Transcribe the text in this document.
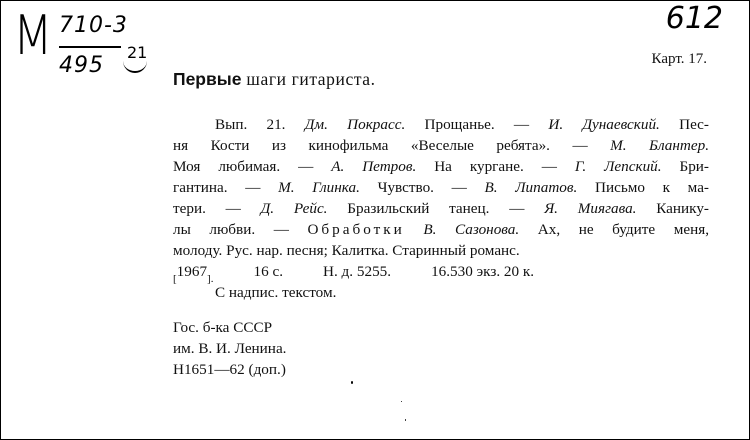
М 710-3
495
21
612
Карт. 17.
Первые шаги гитариста.
Вып. 21. Дм. Покрасс. Прощанье. — И. Дунаевский. Пес-
ня Кости из кинофильма «Веселые ребята». — М. Блантер.
Моя любимая. — А. Петров. На кургане. — Г. Лепский. Бри-
гантина. — М. Глинка. Чувство. — В. Липатов. Письмо к ма-
тери. — Д. Рейс. Бразильский танец. — Я. Миягава. Канику-
лы любви. — Обработки В. Сазонова. Ах, не будите меня,
молоду. Рус. нар. песня; Калитка. Старинный романс.
$_[1967_{].}$	16 с.	Н. д. 5255.	16.530 экз. 20 к.
С надпис. текстом.
Гос. б-ка СССР
им. В. И. Ленина.
Н1651—62 (доп.)
